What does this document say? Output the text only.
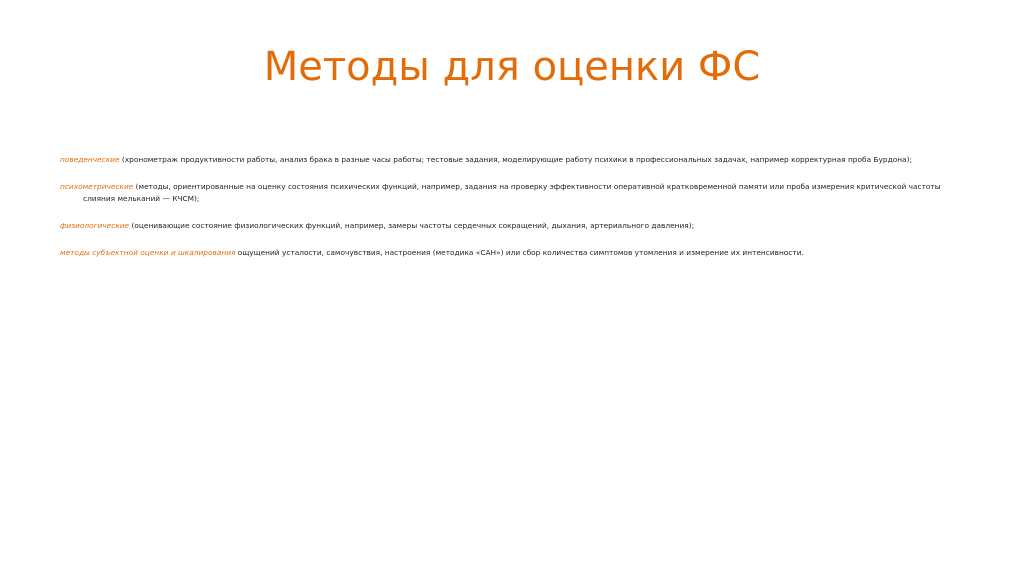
Методы для оценки ФС

поведенческие (хронометраж продуктивности работы, анализ брака в разные часы работы; тестовые задания, моделирующие работу психики в профессиональных задачах, например корректурная проба Бурдона);

психометрические (методы, ориентированные на оценку состояния психических функций, например, задания на проверку эффективности оперативной кратковременной памяти или проба измерения критической частоты слияния мельканий — КЧСМ);

физиологические (оценивающие состояние физиологических функций, например, замеры частоты сердечных сокращений, дыхания, артериального давления);

методы субъектной оценки и шкалирования ощущений усталости, самочувствия, настроения (методика «САН») или сбор количества симптомов утомления и измерение их интенсивности.
